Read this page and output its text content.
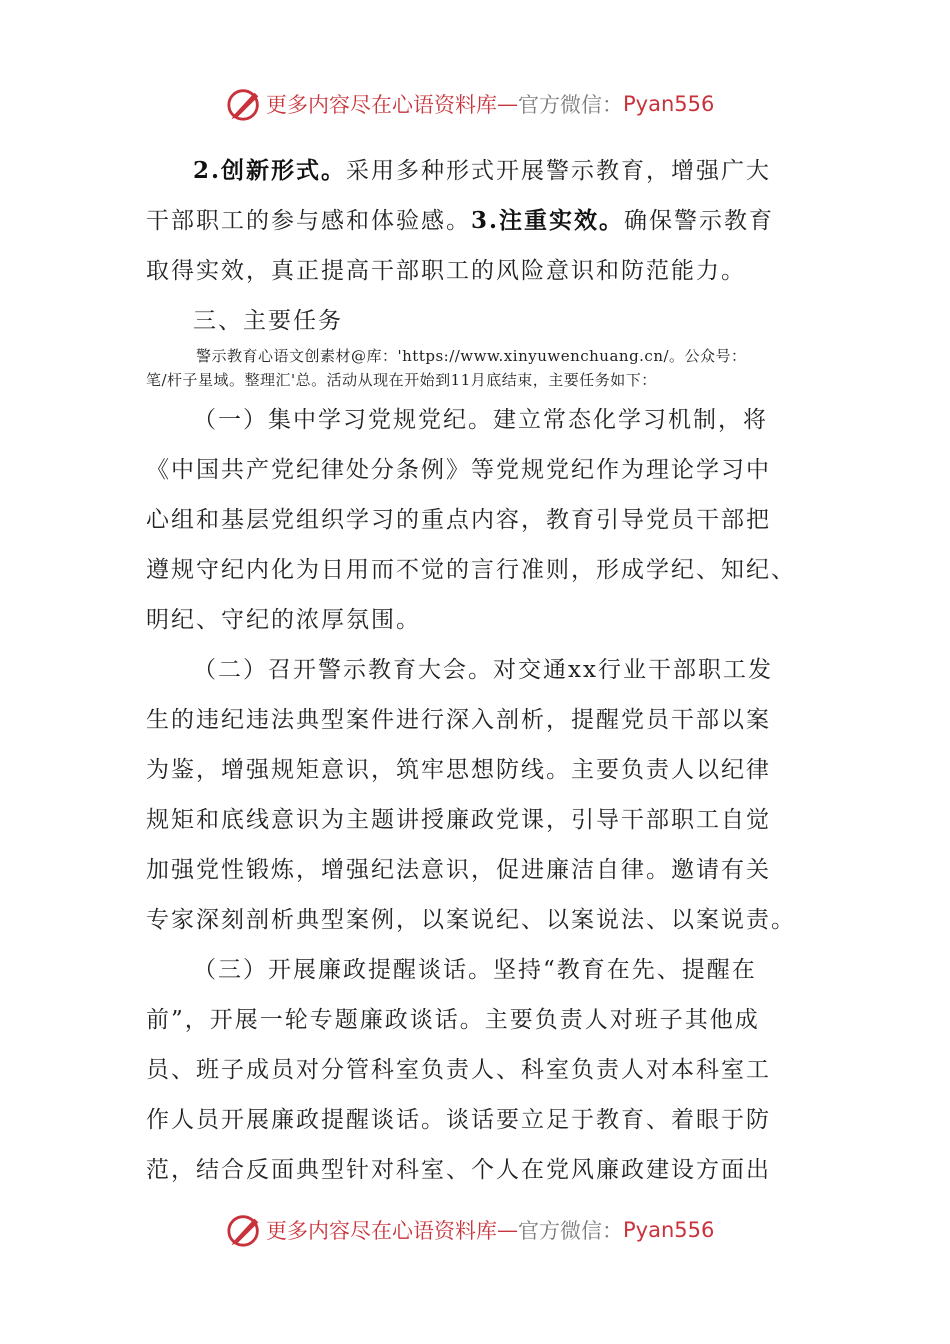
更多内容尽在心语资料库 — 官方微信： Pyan556
2.创新形式。采用多种形式开展警示教育，增强广大
干部职工的参与感和体验感。3.注重实效。确保警示教育
取得实效，真正提高干部职工的风险意识和防范能力。
三、主要任务
警示教育心语文创素材@库：'https://www.xinyuwenchuang.cn/。公众号：
笔/杆子星域。整理汇'总。活动从现在开始到11月底结束，主要任务如下：
（一）集中学习党规党纪。建立常态化学习机制，将
《中国共产党纪律处分条例》等党规党纪作为理论学习中
心组和基层党组织学习的重点内容，教育引导党员干部把
遵规守纪内化为日用而不觉的言行准则，形成学纪、知纪、
明纪、守纪的浓厚氛围。
（二）召开警示教育大会。对交通xx行业干部职工发
生的违纪违法典型案件进行深入剖析，提醒党员干部以案
为鉴，增强规矩意识，筑牢思想防线。主要负责人以纪律
规矩和底线意识为主题讲授廉政党课，引导干部职工自觉
加强党性锻炼，增强纪法意识，促进廉洁自律。邀请有关
专家深刻剖析典型案例，以案说纪、以案说法、以案说责。
（三）开展廉政提醒谈话。坚持“教育在先、提醒在
前”，开展一轮专题廉政谈话。主要负责人对班子其他成
员、班子成员对分管科室负责人、科室负责人对本科室工
作人员开展廉政提醒谈话。谈话要立足于教育、着眼于防
范，结合反面典型针对科室、个人在党风廉政建设方面出
更多内容尽在心语资料库 — 官方微信： Pyan556
